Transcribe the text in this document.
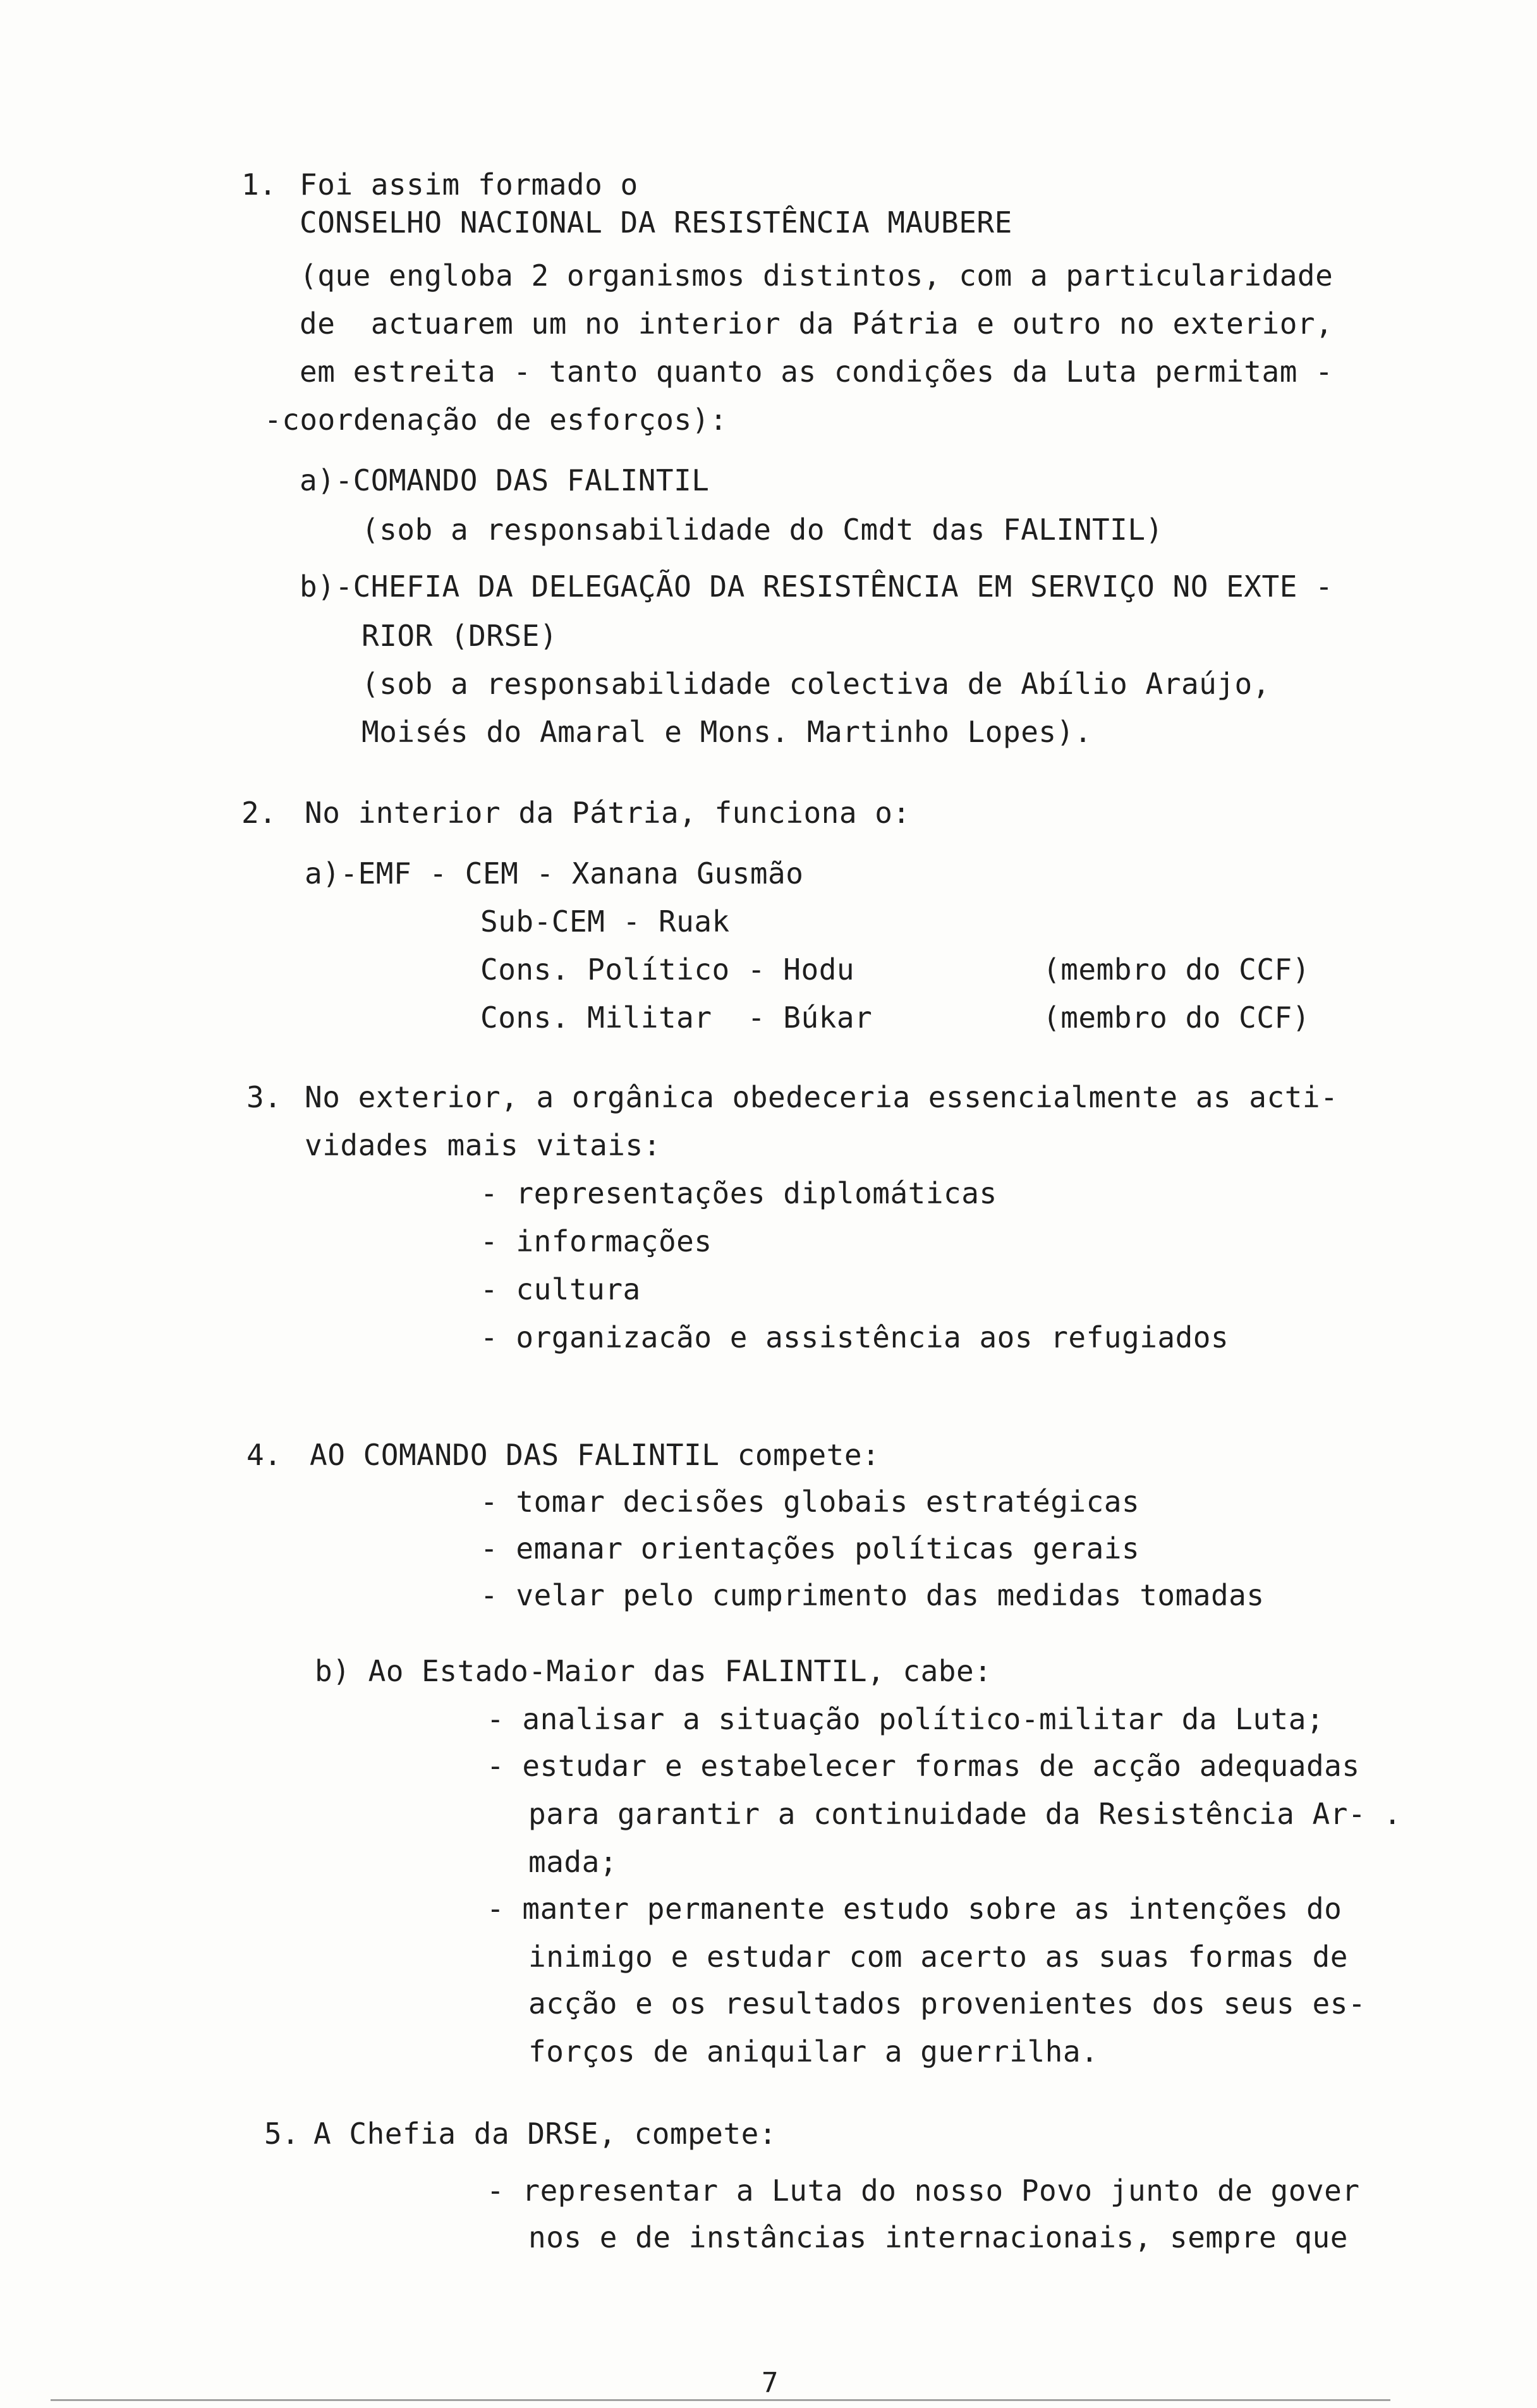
1. Foi assim formado o
CONSELHO NACIONAL DA RESISTÊNCIA MAUBERE
(que engloba 2 organismos distintos, com a particularidade
de  actuarem um no interior da Pátria e outro no exterior,
em estreita - tanto quanto as condições da Luta permitam -
-coordenação de esforços):
a)-COMANDO DAS FALINTIL
(sob a responsabilidade do Cmdt das FALINTIL)
b)-CHEFIA DA DELEGAÇÃO DA RESISTÊNCIA EM SERVIÇO NO EXTE -
RIOR (DRSE)
(sob a responsabilidade colectiva de Abílio Araújo,
Moisés do Amaral e Mons. Martinho Lopes).
2. No interior da Pátria, funciona o:
a)-EMF - CEM - Xanana Gusmão
Sub-CEM - Ruak
Cons. Político - Hodu	(membro do CCF)
Cons. Militar  - Búkar	(membro do CCF)
3. No exterior, a orgânica obedeceria essencialmente as acti-
vidades mais vitais:
- representações diplomáticas
- informações
- cultura
- organizacão e assistência aos refugiados
4. AO COMANDO DAS FALINTIL compete:
- tomar decisões globais estratégicas
- emanar orientações políticas gerais
- velar pelo cumprimento das medidas tomadas
b) Ao Estado-Maior das FALINTIL, cabe:
- analisar a situação político-militar da Luta;
- estudar e estabelecer formas de acção adequadas
para garantir a continuidade da Resistência Ar- .
mada;
- manter permanente estudo sobre as intenções do
inimigo e estudar com acerto as suas formas de
acção e os resultados provenientes dos seus es-
forços de aniquilar a guerrilha.
5. A Chefia da DRSE, compete:
- representar a Luta do nosso Povo junto de gover
nos e de instâncias internacionais, sempre que
7
